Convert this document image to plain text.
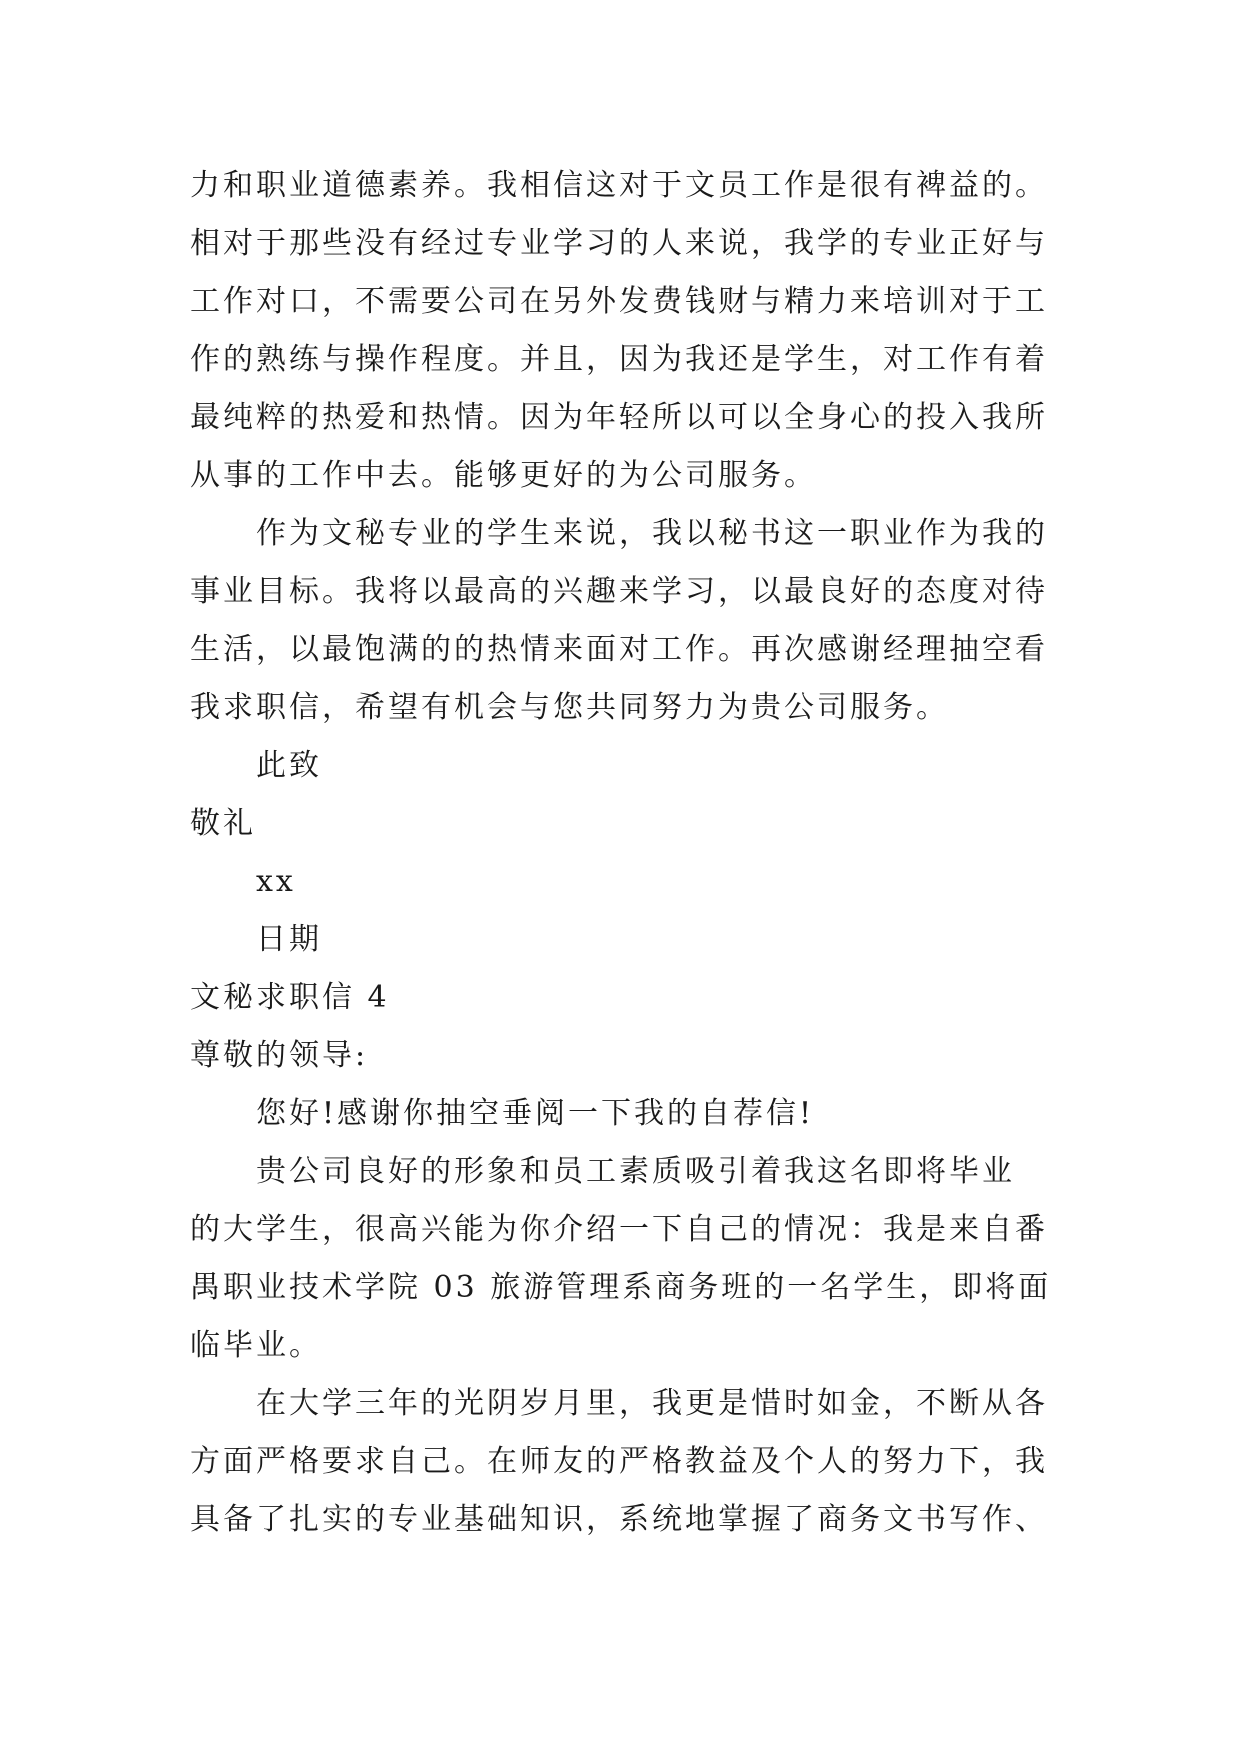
力和职业道德素养。我相信这对于文员工作是很有裨益的。
相对于那些没有经过专业学习的人来说，我学的专业正好与
工作对口，不需要公司在另外发费钱财与精力来培训对于工
作的熟练与操作程度。并且，因为我还是学生，对工作有着
最纯粹的热爱和热情。因为年轻所以可以全身心的投入我所
从事的工作中去。能够更好的为公司服务。
作为文秘专业的学生来说，我以秘书这一职业作为我的
事业目标。我将以最高的兴趣来学习，以最良好的态度对待
生活，以最饱满的的热情来面对工作。再次感谢经理抽空看
我求职信，希望有机会与您共同努力为贵公司服务。
此致
敬礼
xx
日期
文秘求职信 4
尊敬的领导:
您好!感谢你抽空垂阅一下我的自荐信!
贵公司良好的形象和员工素质吸引着我这名即将毕业
的大学生，很高兴能为你介绍一下自己的情况：我是来自番
禺职业技术学院 03 旅游管理系商务班的一名学生，即将面
临毕业。
在大学三年的光阴岁月里，我更是惜时如金，不断从各
方面严格要求自己。在师友的严格教益及个人的努力下，我
具备了扎实的专业基础知识，系统地掌握了商务文书写作、
